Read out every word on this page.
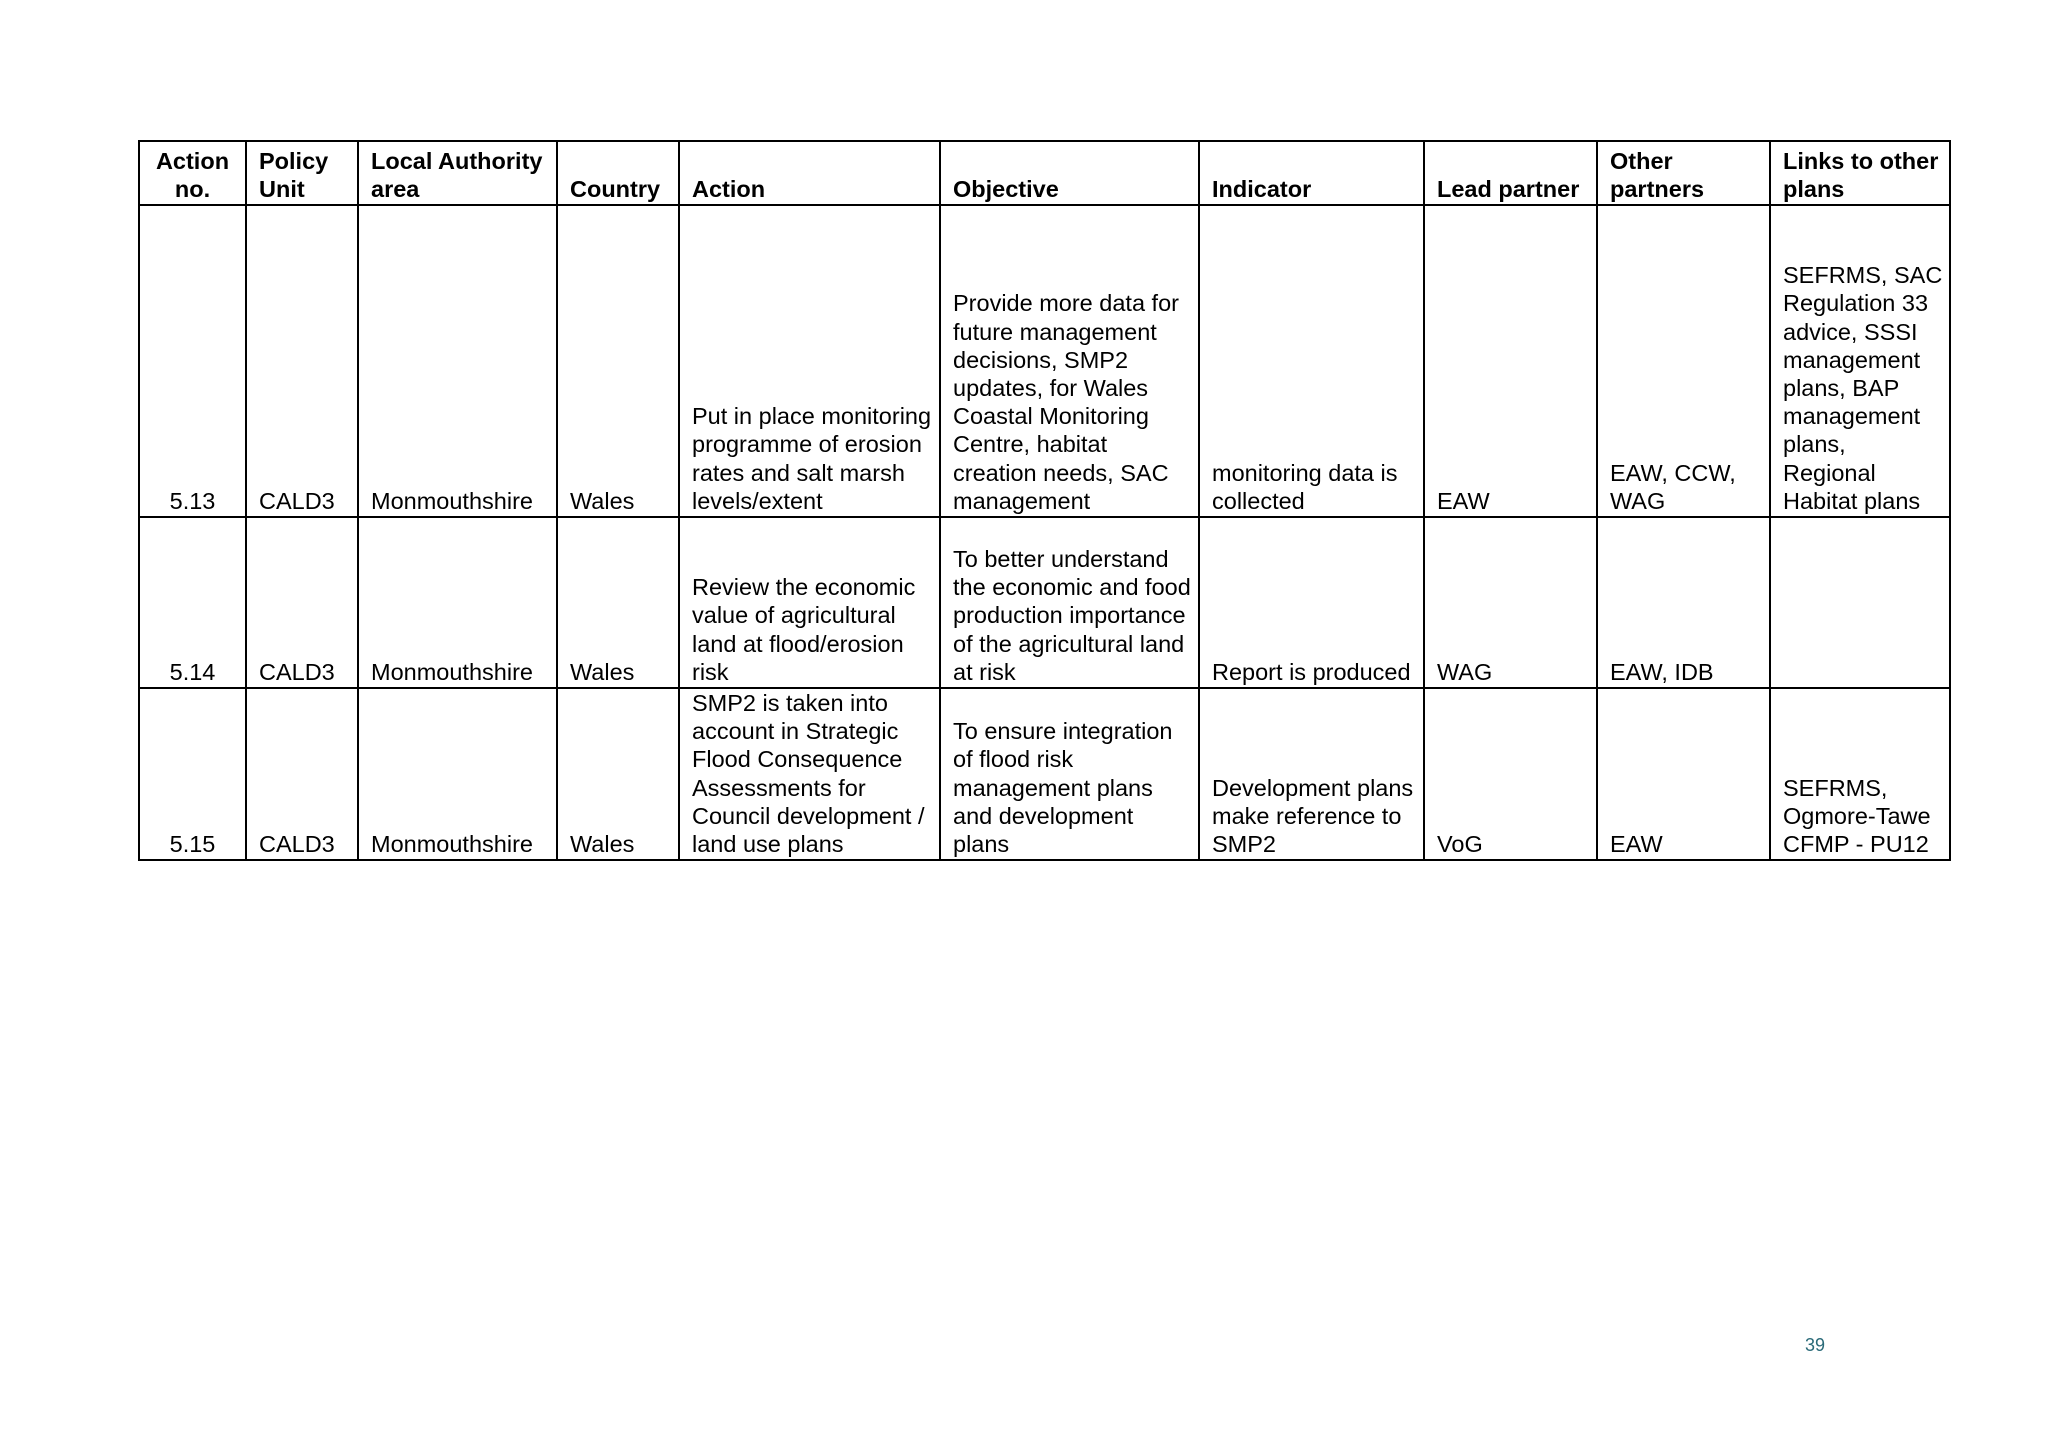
Action no.	Policy Unit	Local Authority area	Country	Action	Objective	Indicator	Lead partner	Other partners	Links to other plans
5.13	CALD3	Monmouthshire	Wales	Put in place monitoring programme of erosion rates and salt marsh levels/extent	Provide more data for future management decisions, SMP2 updates, for Wales Coastal Monitoring Centre, habitat creation needs, SAC management	monitoring data is collected	EAW	EAW, CCW, WAG	SEFRMS, SAC Regulation 33 advice, SSSI management plans, BAP management plans, Regional Habitat plans
5.14	CALD3	Monmouthshire	Wales	Review the economic value of agricultural land at flood/erosion risk	To better understand the economic and food production importance of the agricultural land at risk	Report is produced	WAG	EAW, IDB	
5.15	CALD3	Monmouthshire	Wales	SMP2 is taken into account in Strategic Flood Consequence Assessments for Council development / land use plans	To ensure integration of flood risk management plans and development plans	Development plans make reference to SMP2	VoG	EAW	SEFRMS, Ogmore-Tawe CFMP - PU12
39
